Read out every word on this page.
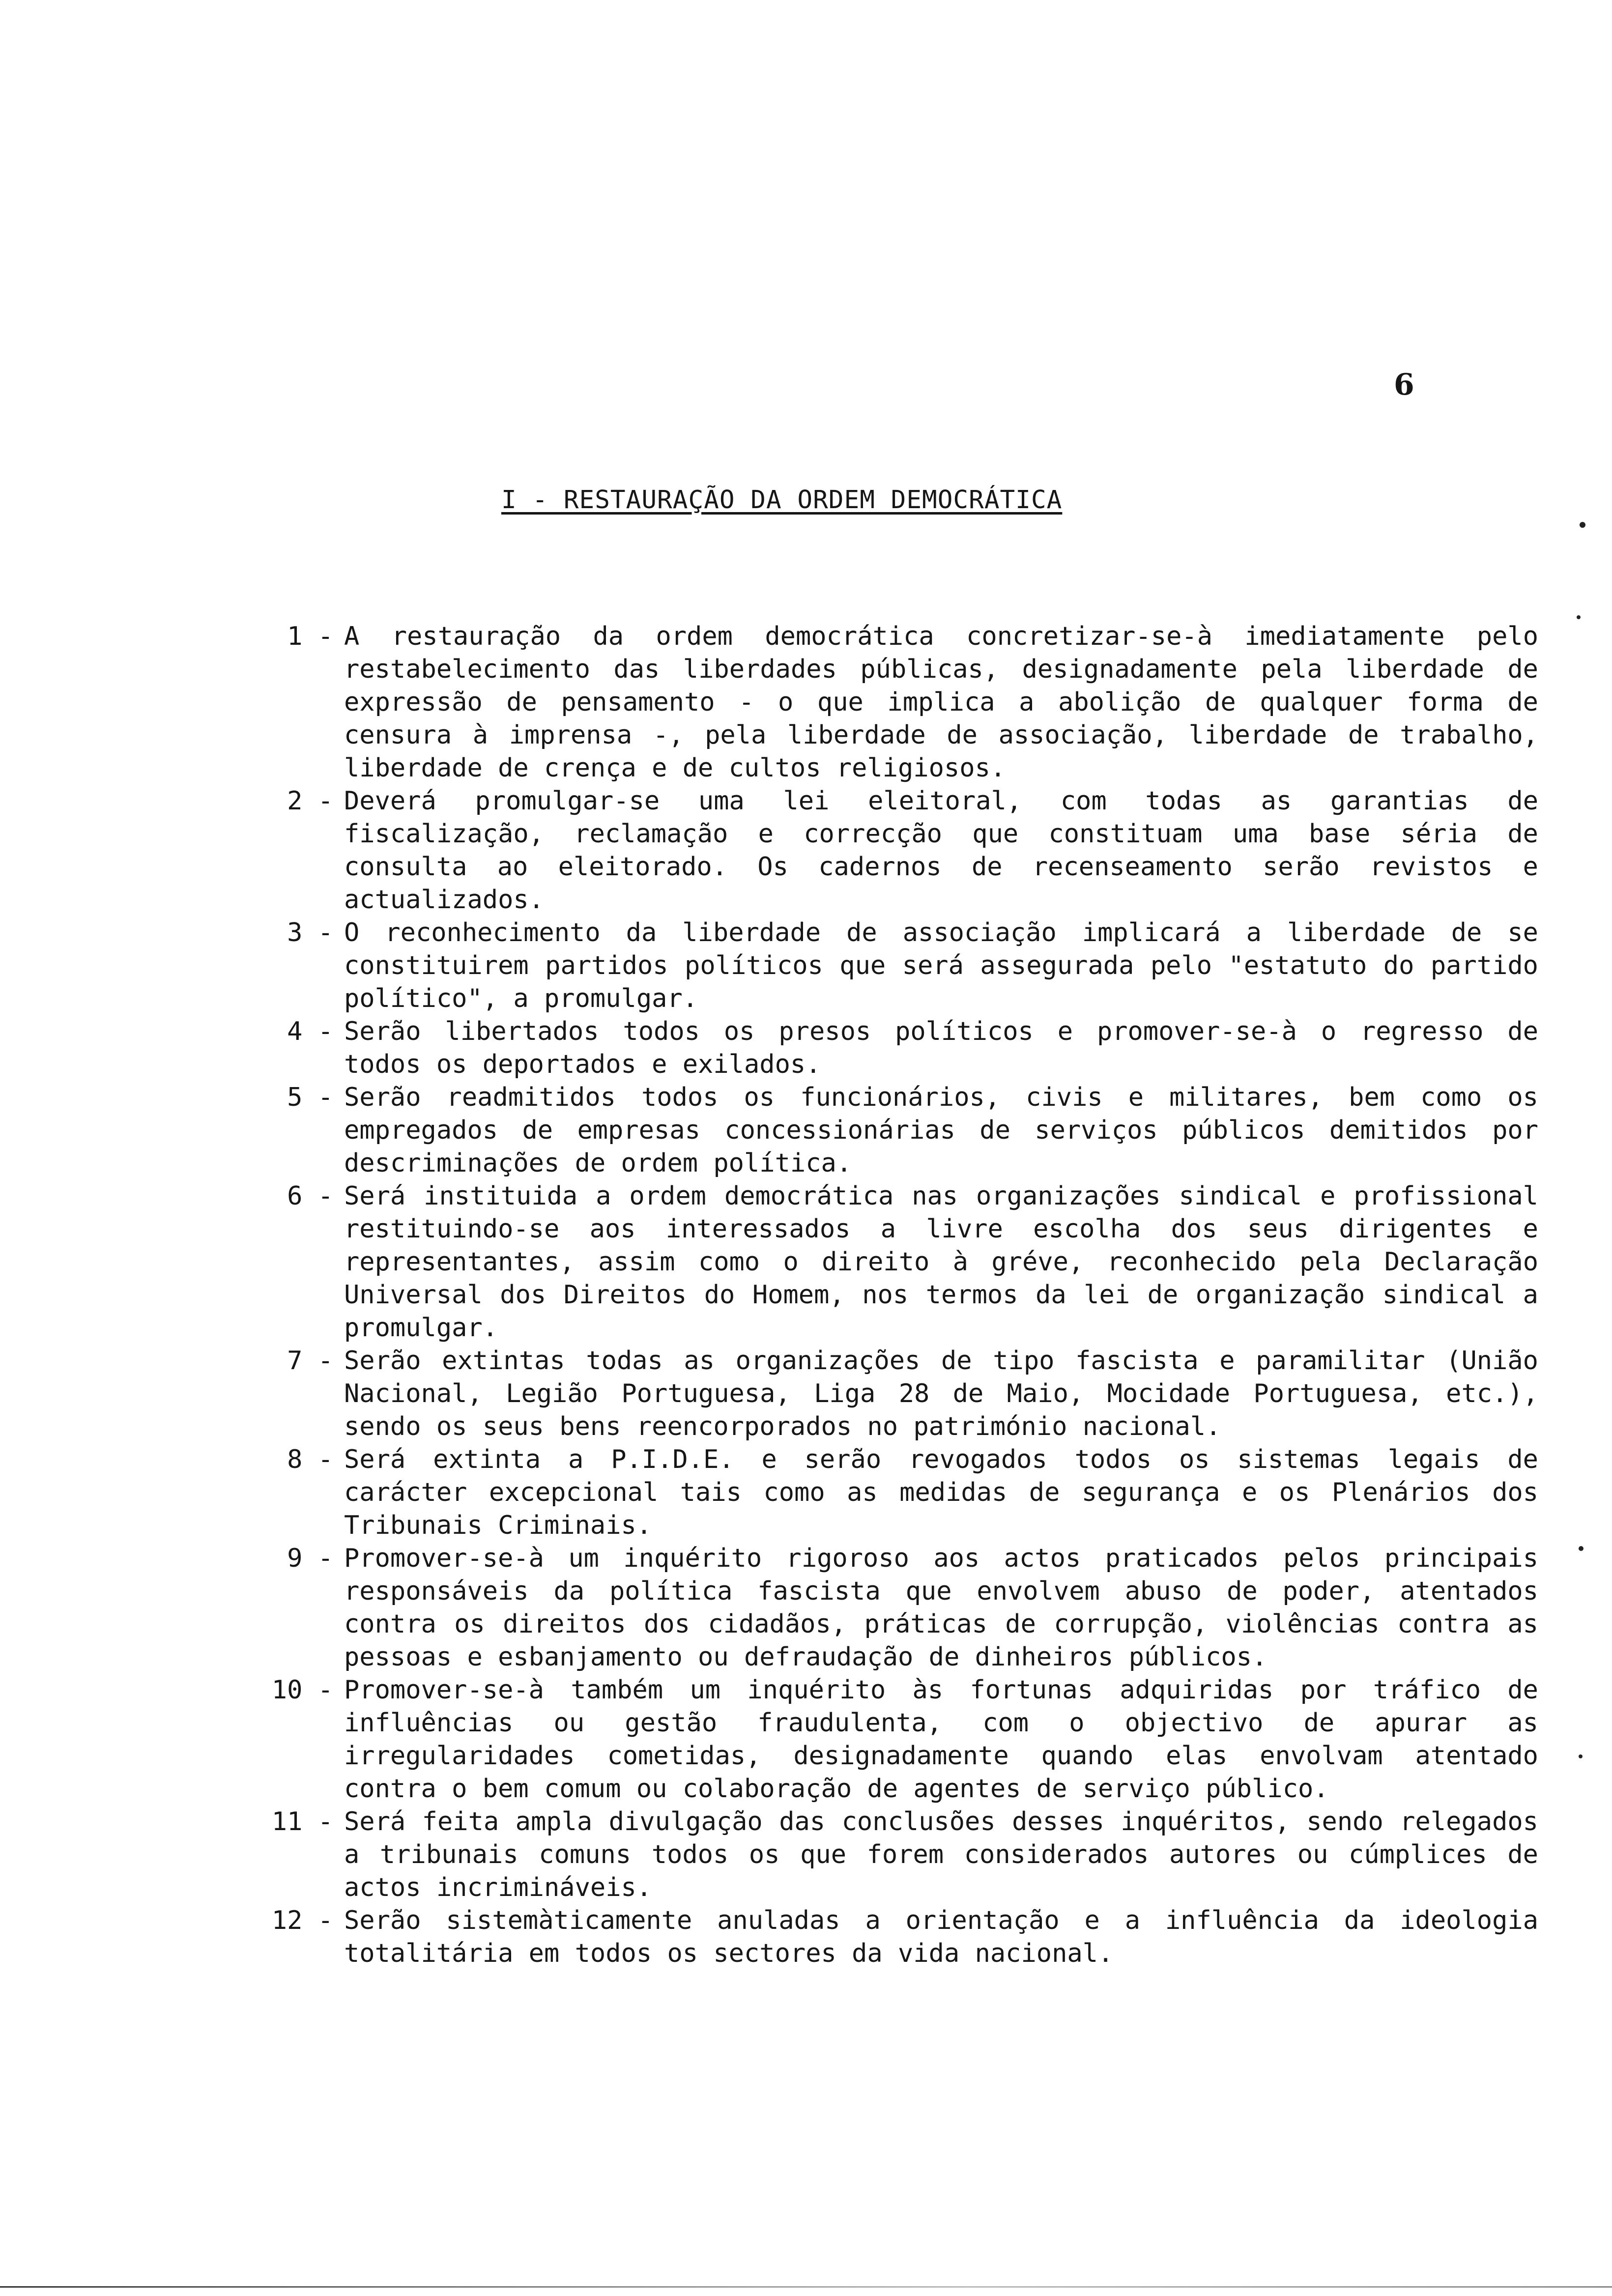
6
I - RESTAURAÇÃO DA ORDEM DEMOCRÁTICA
1 - A restauração da ordem democrática concretizar-se-à imediatamente pelo restabelecimento das liberdades públicas, designadamente pela liberdade de expressão de pensamento - o que implica a abolição de qualquer forma de censura à imprensa -, pela liberdade de associação, liberdade de trabalho, liberdade de crença e de cultos religiosos.
2 - Deverá promulgar-se uma lei eleitoral, com todas as garantias de fiscalização, reclamação e correcção que constituam uma base séria de consulta ao eleitorado. Os cadernos de recenseamento serão revistos e actualizados.
3 - O reconhecimento da liberdade de associação implicará a liberdade de se constituirem partidos políticos que será assegurada pelo "estatuto do partido político", a promulgar.
4 - Serão libertados todos os presos políticos e promover-se-à o regresso de todos os deportados e exilados.
5 - Serão readmitidos todos os funcionários, civis e militares, bem como os empregados de empresas concessionárias de serviços públicos demitidos por descriminações de ordem política.
6 - Será instituida a ordem democrática nas organizações sindical e profissional restituindo-se aos interessados a livre escolha dos seus dirigentes e representantes, assim como o direito à gréve, reconhecido pela Declaração Universal dos Direitos do Homem, nos termos da lei de organização sindical a promulgar.
7 - Serão extintas todas as organizações de tipo fascista e paramilitar (União Nacional, Legião Portuguesa, Liga 28 de Maio, Mocidade Portuguesa, etc.), sendo os seus bens reencorporados no património nacional.
8 - Será extinta a P.I.D.E. e serão revogados todos os sistemas legais de carácter excepcional tais como as medidas de segurança e os Plenários dos Tribunais Criminais.
9 - Promover-se-à um inquérito rigoroso aos actos praticados pelos principais responsáveis da política fascista que envolvem abuso de poder, atentados contra os direitos dos cidadãos, práticas de corrupção, violências contra as pessoas e esbanjamento ou defraudação de dinheiros públicos.
10 - Promover-se-à também um inquérito às fortunas adquiridas por tráfico de influências ou gestão fraudulenta, com o objectivo de apurar as irregularidades cometidas, designadamente quando elas envolvam atentado contra o bem comum ou colaboração de agentes de serviço público.
11 - Será feita ampla divulgação das conclusões desses inquéritos, sendo relegados a tribunais comuns todos os que forem considerados autores ou cúmplices de actos incrimináveis.
12 - Serão sistemàticamente anuladas a orientação e a influência da ideologia totalitária em todos os sectores da vida nacional.
